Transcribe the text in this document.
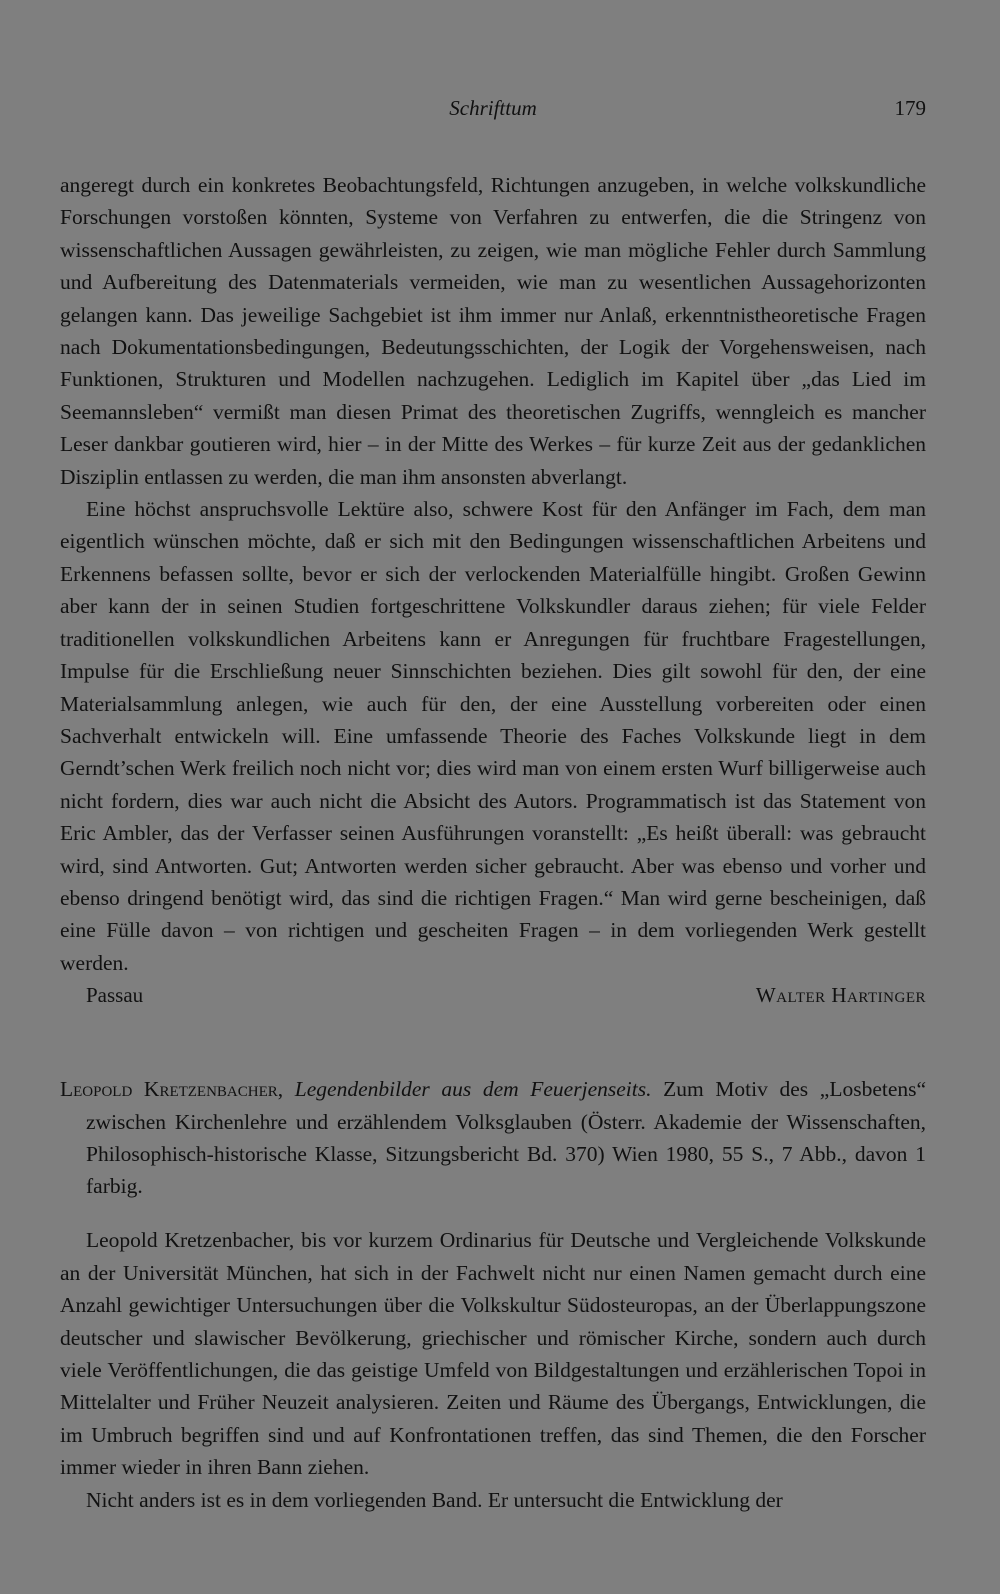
Schrifttum	179

angeregt durch ein konkretes Beobachtungsfeld, Richtungen anzugeben, in welche volkskundliche Forschungen vorstoßen könnten, Systeme von Verfahren zu entwerfen, die die Stringenz von wissenschaftlichen Aussagen gewährleisten, zu zeigen, wie man mögliche Fehler durch Sammlung und Aufbereitung des Datenmaterials vermeiden, wie man zu wesentlichen Aussagehorizonten gelangen kann. Das jeweilige Sachgebiet ist ihm immer nur Anlaß, erkenntnistheoretische Fragen nach Dokumentationsbedingungen, Bedeutungsschichten, der Logik der Vorgehensweisen, nach Funktionen, Strukturen und Modellen nachzugehen. Lediglich im Kapitel über „das Lied im Seemannsleben“ vermißt man diesen Primat des theoretischen Zugriffs, wenngleich es mancher Leser dankbar goutieren wird, hier – in der Mitte des Werkes – für kurze Zeit aus der gedanklichen Disziplin entlassen zu werden, die man ihm ansonsten abverlangt.

Eine höchst anspruchsvolle Lektüre also, schwere Kost für den Anfänger im Fach, dem man eigentlich wünschen möchte, daß er sich mit den Bedingungen wissenschaftlichen Arbeitens und Erkennens befassen sollte, bevor er sich der verlockenden Materialfülle hingibt. Großen Gewinn aber kann der in seinen Studien fortgeschrittene Volkskundler daraus ziehen; für viele Felder traditionellen volkskundlichen Arbeitens kann er Anregungen für fruchtbare Fragestellungen, Impulse für die Erschließung neuer Sinnschichten beziehen. Dies gilt sowohl für den, der eine Materialsammlung anlegen, wie auch für den, der eine Ausstellung vorbereiten oder einen Sachverhalt entwickeln will. Eine umfassende Theorie des Faches Volkskunde liegt in dem Gerndt’schen Werk freilich noch nicht vor; dies wird man von einem ersten Wurf billigerweise auch nicht fordern, dies war auch nicht die Absicht des Autors. Programmatisch ist das Statement von Eric Ambler, das der Verfasser seinen Ausführungen voranstellt: „Es heißt überall: was gebraucht wird, sind Antworten. Gut; Antworten werden sicher gebraucht. Aber was ebenso und vorher und ebenso dringend benötigt wird, das sind die richtigen Fragen.“ Man wird gerne bescheinigen, daß eine Fülle davon – von richtigen und gescheiten Fragen – in dem vorliegenden Werk gestellt werden.

Passau	Walter Hartinger

Leopold Kretzenbacher, Legendenbilder aus dem Feuerjenseits. Zum Motiv des „Losbetens“ zwischen Kirchenlehre und erzählendem Volksglauben (Österr. Akademie der Wissenschaften, Philosophisch-historische Klasse, Sitzungsbericht Bd. 370) Wien 1980, 55 S., 7 Abb., davon 1 farbig.

Leopold Kretzenbacher, bis vor kurzem Ordinarius für Deutsche und Vergleichende Volkskunde an der Universität München, hat sich in der Fachwelt nicht nur einen Namen gemacht durch eine Anzahl gewichtiger Untersuchungen über die Volkskultur Südosteuropas, an der Überlappungszone deutscher und slawischer Bevölkerung, griechischer und römischer Kirche, sondern auch durch viele Veröffentlichungen, die das geistige Umfeld von Bildgestaltungen und erzählerischen Topoi in Mittelalter und Früher Neuzeit analysieren. Zeiten und Räume des Übergangs, Entwicklungen, die im Umbruch begriffen sind und auf Konfrontationen treffen, das sind Themen, die den Forscher immer wieder in ihren Bann ziehen.

Nicht anders ist es in dem vorliegenden Band. Er untersucht die Entwicklung der
